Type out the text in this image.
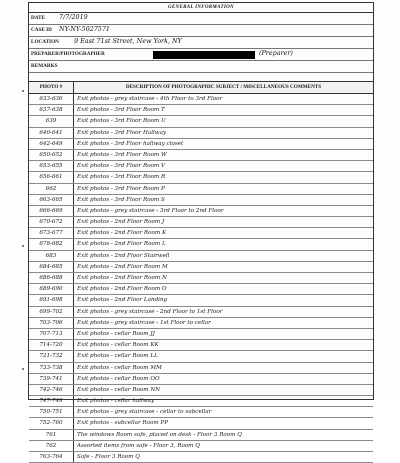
GENERAL INFORMATION
DATE 7/7/2019
CASE ID NY-NY-5027571
LOCATION 9 East 71st Street, New York, NY
PREPARER/PHOTOGRAPHER	(Preparer)
REMARKS
PHOTO #	DESCRIPTION OF PHOTOGRAPHIC SUBJECT / MISCELLANEOUS COMMENTS
633-636	Exit photos - grey staircase - 4th Floor to 3rd Floor
637-638	Exit photos - 3rd Floor Room T
639	Exit photos - 3rd Floor Room U
640-641	Exit photos - 3rd Floor Hallway
642-649	Exit photos - 3rd Floor hallway closet
650-652	Exit photos - 3rd Floor Room W
653-655	Exit photos - 3rd Floor Room V
656-661	Exit photos - 3rd Floor Room R
662	Exit photos - 3rd Floor Room P
663-665	Exit photos - 3rd Floor Room S
666-669	Exit photos - grey staircase - 3rd Floor to 2nd Floor
670-672	Exit photos - 2nd Floor Room J
673-677	Exit photos - 2nd Floor Room K
678-682	Exit photos - 2nd Floor Room L
683	Exit photos - 2nd Floor Stairwell
684-685	Exit photos - 2nd Floor Room M
686-688	Exit photos - 2nd Floor Room N
689-690	Exit photos - 2nd Floor Room O
691-698	Exit photos - 2nd Floor Landing
699-702	Exit photos - grey staircase - 2nd Floor to 1st Floor
703-706	Exit photos - grey staircase - 1st Floor to cellar
707-713	Exit photos - cellar Room JJ
714-720	Exit photos - cellar Room KK
721-732	Exit photos - cellar Room LL
733-738	Exit photos - cellar Room MM
739-741	Exit photos - cellar Room OO
742-746	Exit photos - cellar Room NN
747-749	Exit photos - cellar hallway
750-751	Exit photos - grey staircase - cellar to subcellar
752-760	Exit photos - subcellar Room PP
761	The windows Room safe, placed on desk - Floor 3 Room Q
762	Assorted items from safe - Floor 3, Room Q
763-764	Safe - Floor 3 Room Q
